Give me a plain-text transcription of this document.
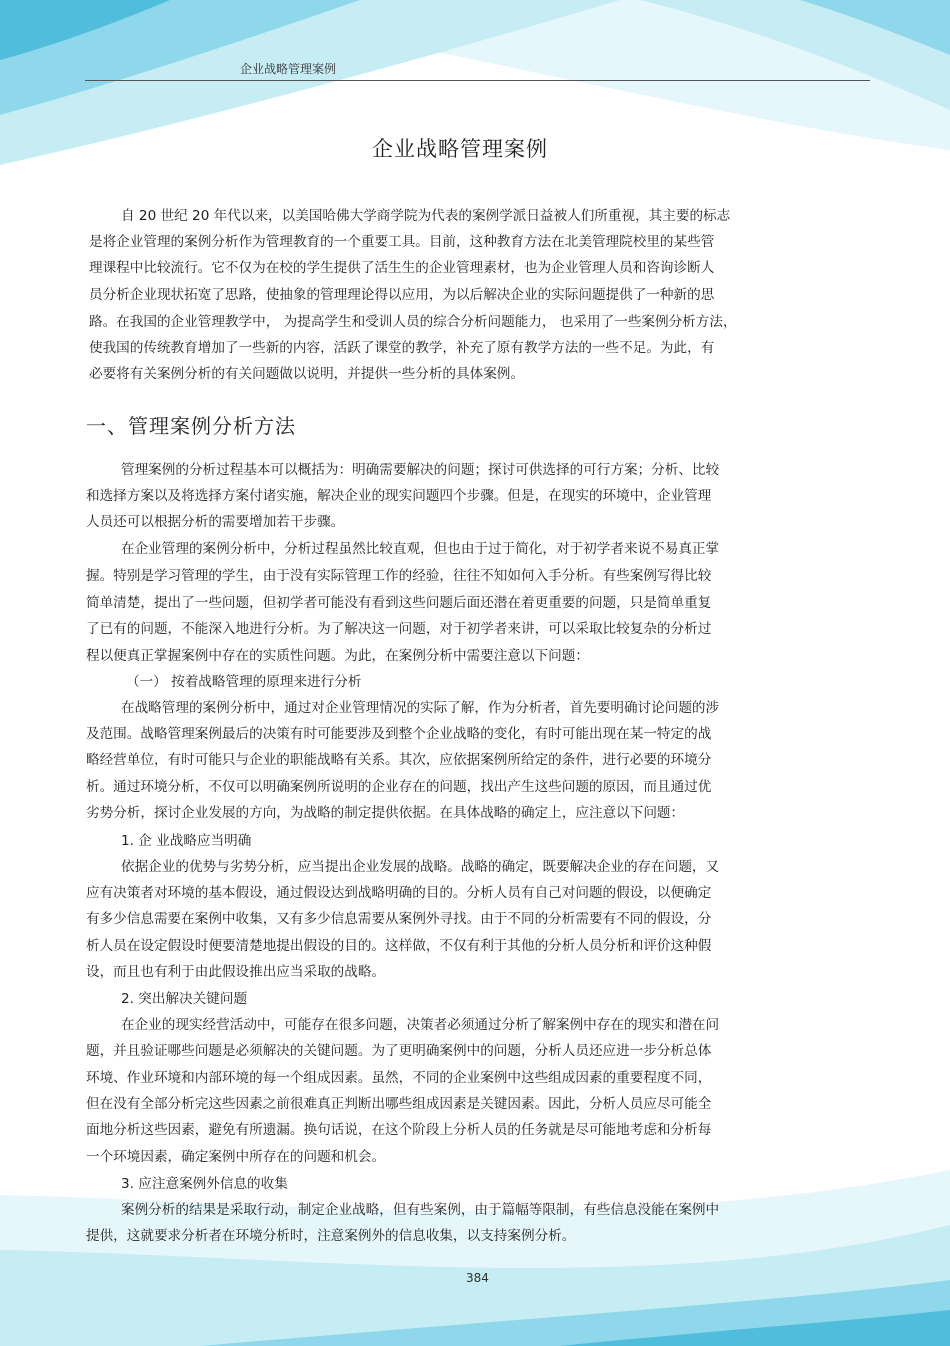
企业战略管理案例
企业战略管理案例
自 20 世纪 20 年代以来，以美国哈佛大学商学院为代表的案例学派日益被人们所重视，其主要的标志
是将企业管理的案例分析作为管理教育的一个重要工具。目前，这种教育方法在北美管理院校里的某些管
理课程中比较流行。它不仅为在校的学生提供了活生生的企业管理素材，也为企业管理人员和咨询诊断人
员分析企业现状拓宽了思路，使抽象的管理理论得以应用，为以后解决企业的实际问题提供了一种新的思
路。在我国的企业管理教学中， 为提高学生和受训人员的综合分析问题能力， 也采用了一些案例分析方法，
使我国的传统教育增加了一些新的内容，活跃了课堂的教学，补充了原有教学方法的一些不足。为此，有
必要将有关案例分析的有关问题做以说明，并提供一些分析的具体案例。
一、管理案例分析方法
管理案例的分析过程基本可以概括为：明确需要解决的问题；探讨可供选择的可行方案；分析、比较
和选择方案以及将选择方案付诸实施，解决企业的现实问题四个步骤。但是，在现实的环境中，企业管理
人员还可以根据分析的需要增加若干步骤。
在企业管理的案例分析中，分析过程虽然比较直观，但也由于过于简化，对于初学者来说不易真正掌
握。特别是学习管理的学生，由于没有实际管理工作的经验，往往不知如何入手分析。有些案例写得比较
简单清楚，提出了一些问题，但初学者可能没有看到这些问题后面还潜在着更重要的问题，只是简单重复
了已有的问题，不能深入地进行分析。为了解决这一问题，对于初学者来讲，可以采取比较复杂的分析过
程以便真正掌握案例中存在的实质性问题。为此，在案例分析中需要注意以下问题：
（一） 按着战略管理的原理来进行分析
在战略管理的案例分析中，通过对企业管理情况的实际了解，作为分析者，首先要明确讨论问题的涉
及范围。战略管理案例最后的决策有时可能要涉及到整个企业战略的变化，有时可能出现在某一特定的战
略经营单位，有时可能只与企业的职能战略有关系。其次，应依据案例所给定的条件，进行必要的环境分
析。通过环境分析，不仅可以明确案例所说明的企业存在的问题，找出产生这些问题的原因，而且通过优
劣势分析，探讨企业发展的方向，为战略的制定提供依据。在具体战略的确定上，应注意以下问题：
1. 企 业战略应当明确
依据企业的优势与劣势分析，应当提出企业发展的战略。战略的确定，既要解决企业的存在问题，又
应有决策者对环境的基本假设，通过假设达到战略明确的目的。分析人员有自己对问题的假设，以便确定
有多少信息需要在案例中收集，又有多少信息需要从案例外寻找。由于不同的分析需要有不同的假设，分
析人员在设定假设时便要清楚地提出假设的目的。这样做，不仅有利于其他的分析人员分析和评价这种假
设，而且也有利于由此假设推出应当采取的战略。
2. 突出解决关键问题
在企业的现实经营活动中，可能存在很多问题，决策者必须通过分析了解案例中存在的现实和潜在问
题，并且验证哪些问题是必须解决的关键问题。为了更明确案例中的问题，分析人员还应进一步分析总体
环境、作业环境和内部环境的每一个组成因素。虽然，不同的企业案例中这些组成因素的重要程度不同，
但在没有全部分析完这些因素之前很难真正判断出哪些组成因素是关键因素。因此，分析人员应尽可能全
面地分析这些因素，避免有所遗漏。换句话说，在这个阶段上分析人员的任务就是尽可能地考虑和分析每
一个环境因素，确定案例中所存在的问题和机会。
3. 应注意案例外信息的收集
案例分析的结果是采取行动，制定企业战略，但有些案例，由于篇幅等限制，有些信息没能在案例中
提供，这就要求分析者在环境分析时，注意案例外的信息收集，以支持案例分析。
384
